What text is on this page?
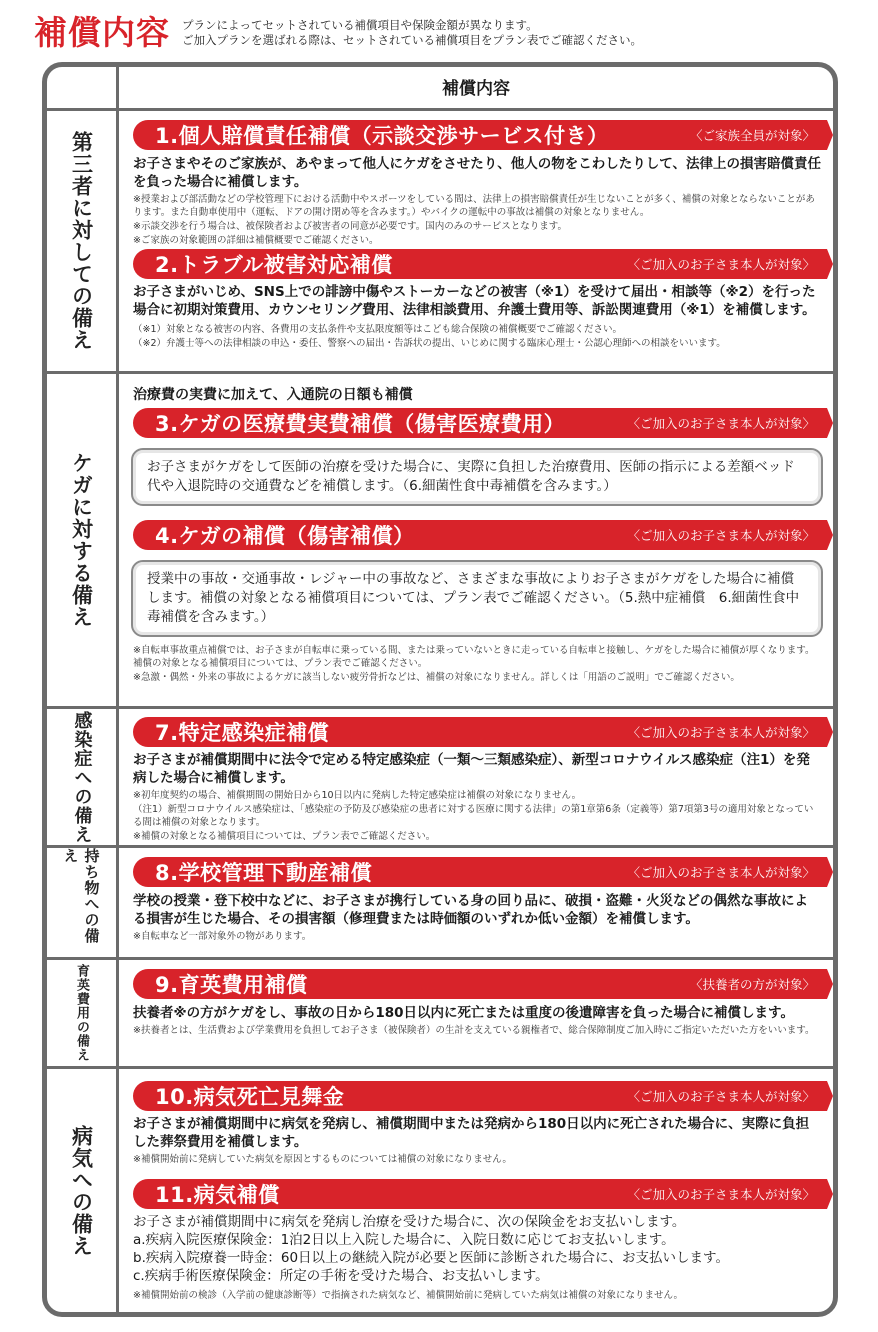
補償内容 プランによってセットされている補償項目や保険金額が異なります。
ご加入プランを選ばれる際は、セットされている補償項目をプラン表でご確認ください。
補償内容
第三者に対しての備え	1.個人賠償責任補償（示談交渉サービス付き）	〈ご家族全員が対象〉
お子さまやそのご家族が、あやまって他人にケガをさせたり、他人の物をこわしたりして、法律上の損害賠償責任を負った場合に補償します。
※授業および部活動などの学校管理下における活動中やスポーツをしている間は、法律上の損害賠償責任が生じないことが多く、補償の対象とならないことがあります。また自動車使用中（運転、ドアの開け閉め等を含みます。）やバイクの運転中の事故は補償の対象となりません。
※示談交渉を行う場合は、被保険者および被害者の同意が必要です。国内のみのサービスとなります。
※ご家族の対象範囲の詳細は補償概要でご確認ください。
2.トラブル被害対応補償	〈ご加入のお子さま本人が対象〉
お子さまがいじめ、SNS上での誹謗中傷やストーカーなどの被害（※1）を受けて届出・相談等（※2）を行った場合に初期対策費用、カウンセリング費用、法律相談費用、弁護士費用等、訴訟関連費用（※1）を補償します。
（※1）対象となる被害の内容、各費用の支払条件や支払限度額等はこども総合保険の補償概要でご確認ください。
（※2）弁護士等への法律相談の申込・委任、警察への届出・告訴状の提出、いじめに関する臨床心理士・公認心理師への相談をいいます。
ケガに対する備え
治療費の実費に加えて、入通院の日額も補償
3.ケガの医療費実費補償（傷害医療費用）	〈ご加入のお子さま本人が対象〉
お子さまがケガをして医師の治療を受けた場合に、実際に負担した治療費用、医師の指示による差額ベッド代や入退院時の交通費などを補償します。（6.細菌性食中毒補償を含みます。）
4.ケガの補償（傷害補償）	〈ご加入のお子さま本人が対象〉
授業中の事故・交通事故・レジャー中の事故など、さまざまな事故によりお子さまがケガをした場合に補償します。補償の対象となる補償項目については、プラン表でご確認ください。（5.熱中症補償　6.細菌性食中毒補償を含みます。）
※自転車事故重点補償では、お子さまが自転車に乗っている間、または乗っていないときに走っている自転車と接触し、ケガをした場合に補償が厚くなります。補償の対象となる補償項目については、プラン表でご確認ください。
※急激・偶然・外来の事故によるケガに該当しない疲労骨折などは、補償の対象になりません。詳しくは「用語のご説明」でご確認ください。
感染症への備え	7.特定感染症補償	〈ご加入のお子さま本人が対象〉
お子さまが補償期間中に法令で定める特定感染症（一類〜三類感染症）、新型コロナウイルス感染症（注1）を発病した場合に補償します。
※初年度契約の場合、補償期間の開始日から10日以内に発病した特定感染症は補償の対象になりません。
（注1）新型コロナウイルス感染症は、「感染症の予防及び感染症の患者に対する医療に関する法律」の第1章第6条（定義等）第7項第3号の適用対象となっている間は補償の対象となります。
※補償の対象となる補償項目については、プラン表でご確認ください。
持ち物への備え
8.学校管理下動産補償	〈ご加入のお子さま本人が対象〉
学校の授業・登下校中などに、お子さまが携行している身の回り品に、破損・盗難・火災などの偶然な事故による損害が生じた場合、その損害額（修理費または時価額のいずれか低い金額）を補償します。
※自転車など一部対象外の物があります。
育英費用の備え	9.育英費用補償	〈扶養者の方が対象〉
扶養者※の方がケガをし、事故の日から180日以内に死亡または重度の後遺障害を負った場合に補償します。
※扶養者とは、生活費および学業費用を負担してお子さま（被保険者）の生計を支えている親権者で、総合保障制度ご加入時にご指定いただいた方をいいます。
病気への備え
10.病気死亡見舞金	〈ご加入のお子さま本人が対象〉
お子さまが補償期間中に病気を発病し、補償期間中または発病から180日以内に死亡された場合に、実際に負担した葬祭費用を補償します。
※補償開始前に発病していた病気を原因とするものについては補償の対象になりません。
11.病気補償	〈ご加入のお子さま本人が対象〉
お子さまが補償期間中に病気を発病し治療を受けた場合に、次の保険金をお支払いします。
a.疾病入院医療保険金：1泊2日以上入院した場合に、入院日数に応じてお支払いします。
b.疾病入院療養一時金：60日以上の継続入院が必要と医師に診断された場合に、お支払いします。
c.疾病手術医療保険金：所定の手術を受けた場合、お支払いします。
※補償開始前の検診（入学前の健康診断等）で指摘された病気など、補償開始前に発病していた病気は補償の対象になりません。
